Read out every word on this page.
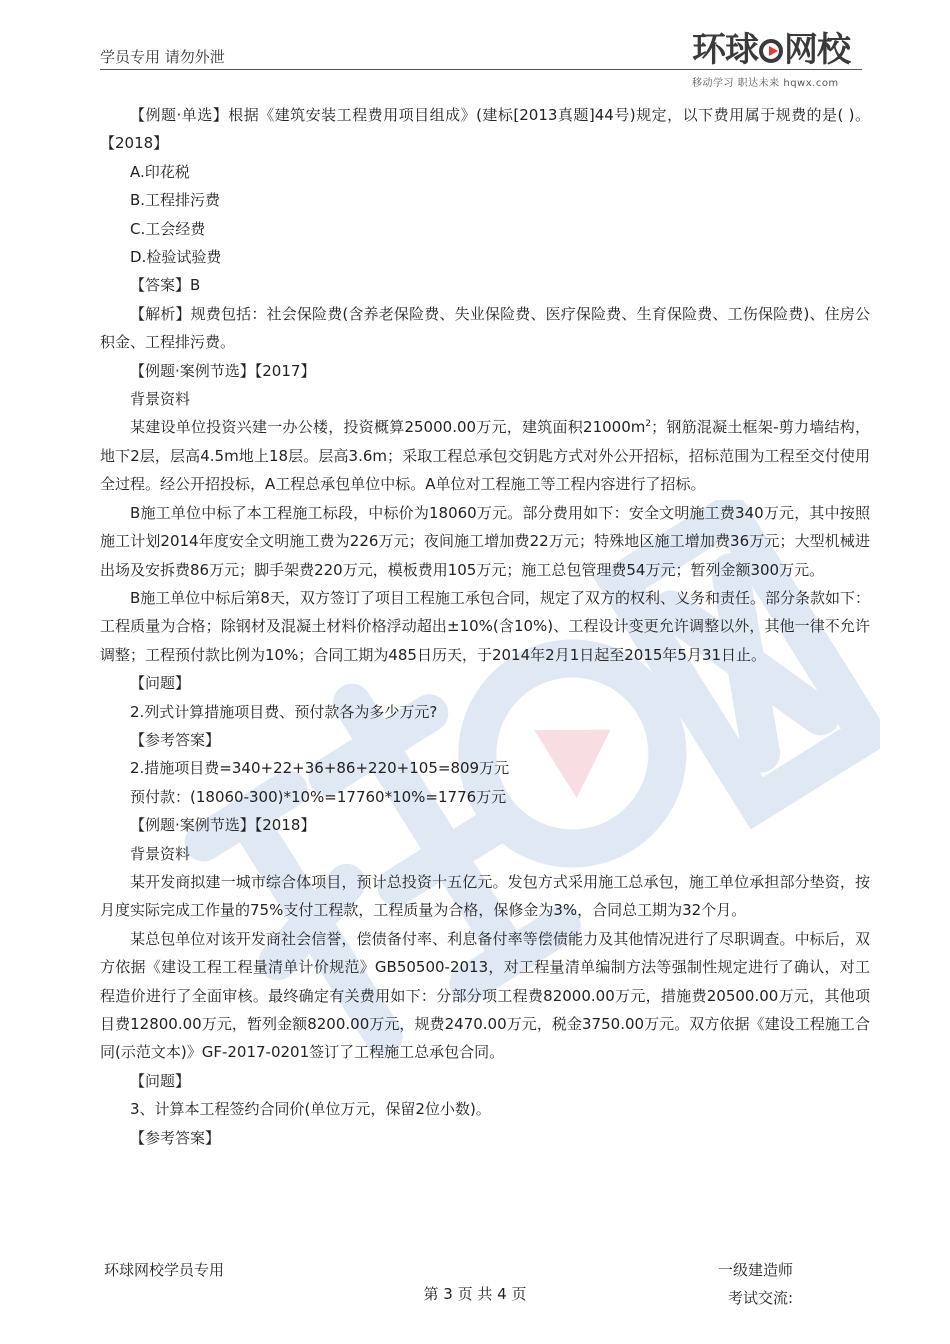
学员专用 请勿外泄	环球 网校
移动学习 职达未来 hqwx.com

【例题·单选】根据《建筑安装工程费用项目组成》(建标[2013真题]44号)规定，以下费用属于规费的是( )。【2018】

A.印花税

B.工程排污费

C.工会经费

D.检验试验费

【答案】B

【解析】规费包括：社会保险费(含养老保险费、失业保险费、医疗保险费、生育保险费、工伤保险费)、住房公积金、工程排污费。

【例题·案例节选】【2017】

背景资料

某建设单位投资兴建一办公楼，投资概算25000.00万元，建筑面积$21000m^2$；钢筋混凝土框架-剪力墙结构，地下2层，层高4.5m地上18层。层高3.6m；采取工程总承包交钥匙方式对外公开招标，招标范围为工程至交付使用全过程。经公开招投标，A工程总承包单位中标。A单位对工程施工等工程内容进行了招标。

B施工单位中标了本工程施工标段，中标价为18060万元。部分费用如下：安全文明施工费340万元，其中按照施工计划2014年度安全文明施工费为226万元；夜间施工增加费22万元；特殊地区施工增加费36万元；大型机械进出场及安拆费86万元；脚手架费220万元，模板费用105万元；施工总包管理费54万元；暂列金额300万元。

B施工单位中标后第8天，双方签订了项目工程施工承包合同，规定了双方的权利、义务和责任。部分条款如下：工程质量为合格；除钢材及混凝土材料价格浮动超出±10%(含10%)、工程设计变更允许调整以外，其他一律不允许调整；工程预付款比例为10%；合同工期为485日历天，于2014年2月1日起至2015年5月31日止。

【问题】

2.列式计算措施项目费、预付款各为多少万元?

【参考答案】

2.措施项目费=340+22+36+86+220+105=809万元

预付款：(18060-300)*10%=17760*10%=1776万元

【例题·案例节选】【2018】

背景资料

某开发商拟建一城市综合体项目，预计总投资十五亿元。发包方式采用施工总承包，施工单位承担部分垫资，按月度实际完成工作量的75%支付工程款，工程质量为合格，保修金为3%，合同总工期为32个月。

某总包单位对该开发商社会信誉，偿债备付率、利息备付率等偿债能力及其他情况进行了尽职调查。中标后，双方依据《建设工程工程量清单计价规范》GB50500-2013，对工程量清单编制方法等强制性规定进行了确认，对工程造价进行了全面审核。最终确定有关费用如下：分部分项工程费82000.00万元，措施费20500.00万元，其他项目费12800.00万元，暂列金额8200.00万元，规费2470.00万元，税金3750.00万元。双方依据《建设工程施工合同(示范文本)》GF-2017-0201签订了工程施工总承包合同。

【问题】

3、计算本工程签约合同价(单位万元，保留2位小数)。

【参考答案】

环球网校学员专用
第 3 页 共 4 页
一级建造师
考试交流:
